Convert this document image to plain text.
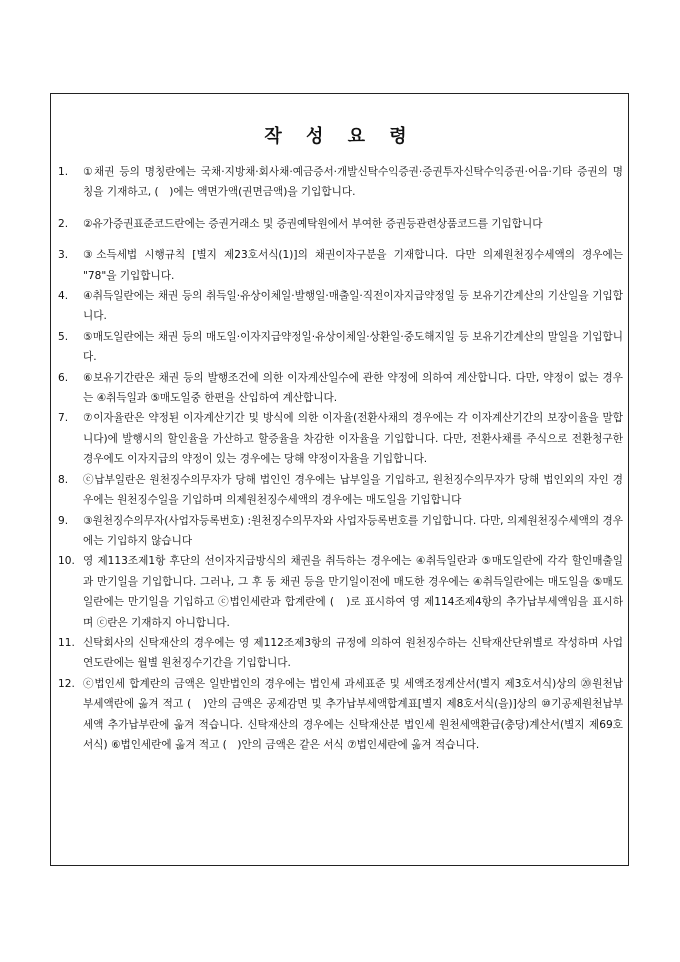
작 성 요 령
1.	①채권 등의 명칭란에는 국채·지방채·회사채·예금증서·개발신탁수익증권·증권투자신탁수익증권·어음·기타 증권의 명칭을 기재하고, (　)에는 액면가액(권면금액)을 기입합니다.
2.	②유가증권표준코드란에는 증권거래소 및 증권예탁원에서 부여한 증권등관련상품코드를 기입합니다
3.	③소득세법 시행규칙 [별지 제23호서식(1)]의 채권이자구분을 기재합니다. 다만 의제원천징수세액의 경우에는 "78"을 기입합니다.
4.	④취득일란에는 채권 등의 취득일·유상이체일·발행일·매출일·직전이자지급약정일 등 보유기간계산의 기산일을 기입합니다.
5.	⑤매도일란에는 채권 등의 매도일·이자지급약정일·유상이체일·상환일·중도해지일 등 보유기간계산의 말일을 기입합니다.
6.	⑥보유기간란은 채권 등의 발행조건에 의한 이자계산일수에 관한 약정에 의하여 계산합니다. 다만, 약정이 없는 경우는 ④취득일과 ⑤매도일중 한편을 산입하여 계산합니다.
7.	⑦이자율란은 약정된 이자계산기간 및 방식에 의한 이자율(전환사채의 경우에는 각 이자계산기간의 보장이율을 말합니다)에 발행시의 할인율을 가산하고 할증율을 차감한 이자율을 기입합니다. 다만, 전환사채를 주식으로 전환청구한 경우에도 이자지급의 약정이 있는 경우에는 당해 약정이자율을 기입합니다.
8.	ⓒ납부일란은 원천징수의무자가 당해 법인인 경우에는 납부일을 기입하고, 원천징수의무자가 당해 법인외의 자인 경우에는 원천징수일을 기입하며 의제원천징수세액의 경우에는 매도일을 기입합니다
9.	③원천징수의무자(사업자등록번호) :원천징수의무자와 사업자등록번호를 기입합니다. 다만, 의제원천징수세액의 경우에는 기입하지 않습니다
10. 영 제113조제1항 후단의 선이자지급방식의 채권을 취득하는 경우에는 ④취득일란과 ⑤매도일란에 각각 할인매출일과 만기일을 기입합니다. 그러나, 그 후 동 채권 등을 만기일이전에 매도한 경우에는 ④취득일란에는 매도일을 ⑤매도일란에는 만기일을 기입하고 ⓒ법인세란과 합계란에 (　)로 표시하여 영 제114조제4항의 추가납부세액임을 표시하며 ⓒ란은 기재하지 아니합니다.
11. 신탁회사의 신탁재산의 경우에는 영 제112조제3항의 규정에 의하여 원천징수하는 신탁재산단위별로 작성하며 사업연도란에는 월별 원천징수기간을 기입합니다.
12. ⓒ법인세 합계란의 금액은 일반법인의 경우에는 법인세 과세표준 및 세액조정계산서(별지 제3호서식)상의 ⑳원천납부세액란에 옮겨 적고 (　)안의 금액은 공제감면 및 추가납부세액합계표[별지 제8호서식(을)]상의 ⑩기공제원천납부세액 추가납부란에 옮겨 적습니다. 신탁재산의 경우에는 신탁재산분 법인세 원천세액환급(충당)계산서(별지 제69호서식) ⑥법인세란에 옮겨 적고 (　)안의 금액은 같은 서식 ⑦법인세란에 옮겨 적습니다.
